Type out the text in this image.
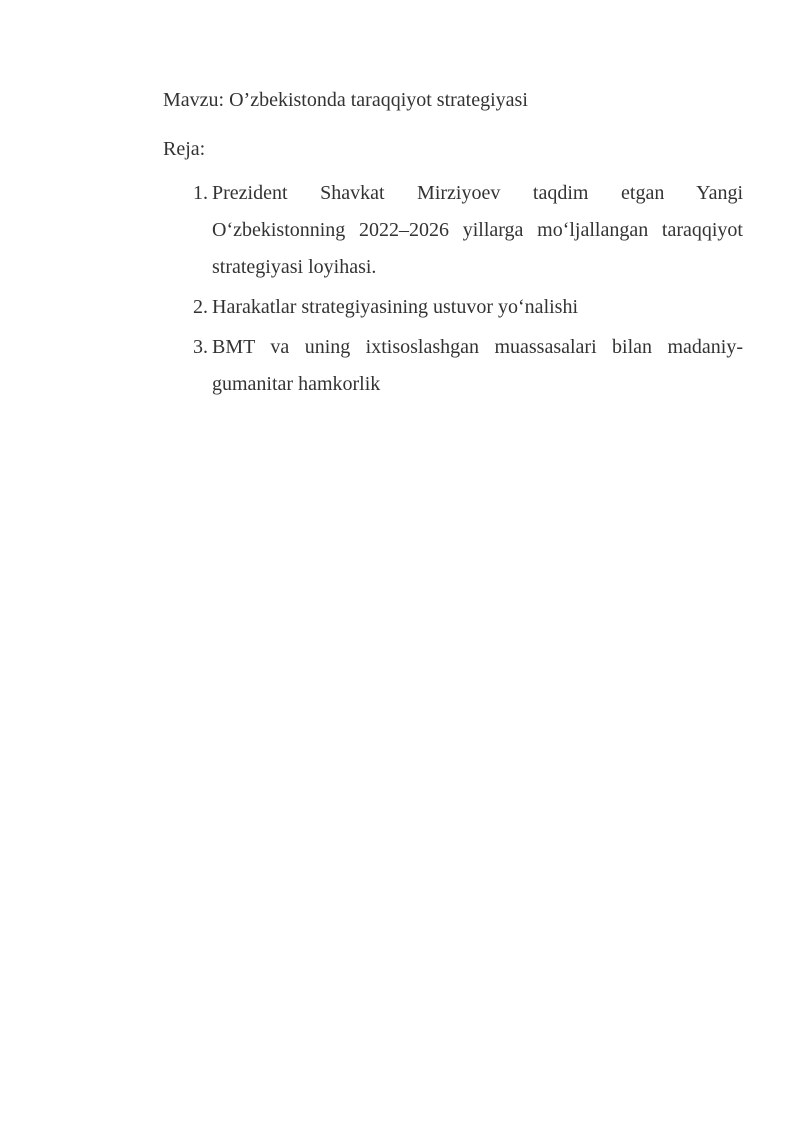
Mavzu: O’zbekistonda taraqqiyot strategiyasi

Reja:

1. Prezident Shavkat Mirziyoev taqdim etgan Yangi O‘zbekistonning 2022–2026 yillarga mo‘ljallangan taraqqiyot strategiyasi loyihasi.
2. Harakatlar strategiyasining ustuvor yo‘nalishi
3. BMT va uning ixtisoslashgan muassasalari bilan madaniy-gumanitar hamkorlik
